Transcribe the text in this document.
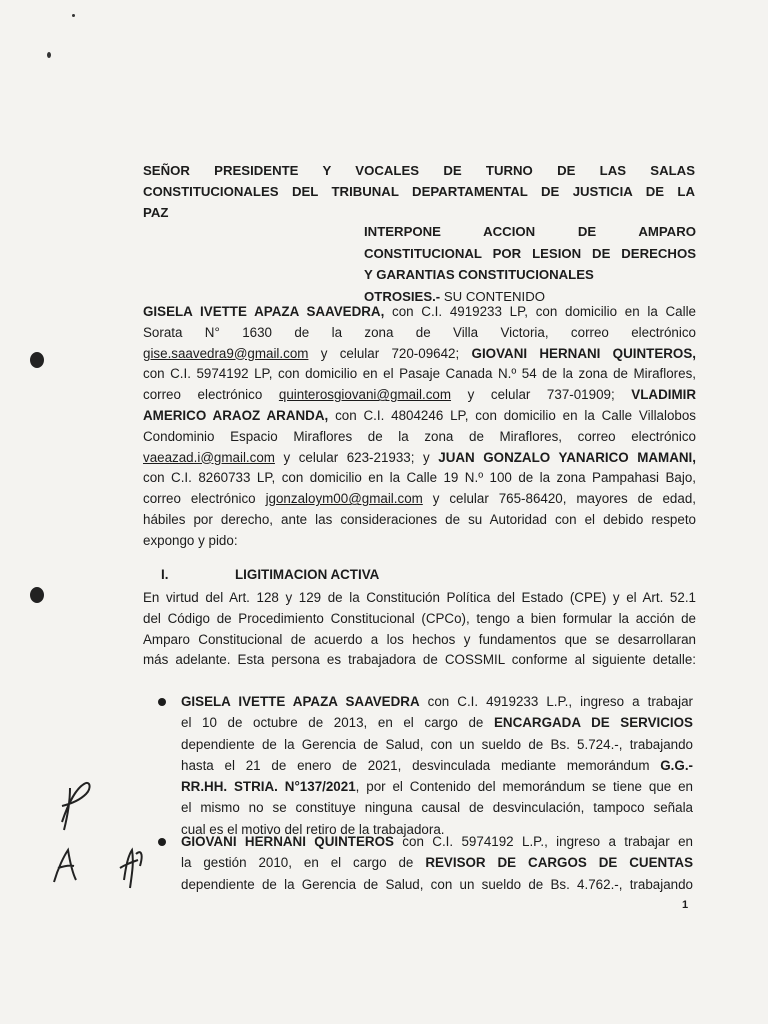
SEÑOR PRESIDENTE Y VOCALES DE TURNO DE LAS SALAS
CONSTITUCIONALES DEL TRIBUNAL DEPARTAMENTAL DE JUSTICIA DE LA
PAZ
INTERPONE ACCION DE AMPARO
CONSTITUCIONAL POR LESION DE DERECHOS
Y GARANTIAS CONSTITUCIONALES
OTROSIES.- SU CONTENIDO
GISELA IVETTE APAZA SAAVEDRA, con C.I. 4919233 LP, con domicilio en la Calle
Sorata N° 1630 de la zona de Villa Victoria, correo electrónico
gise.saavedra9@gmail.com y celular 720-09642; GIOVANI HERNANI QUINTEROS,
con C.I. 5974192 LP, con domicilio en el Pasaje Canada N.º 54 de la zona de Miraflores,
correo electrónico quinterosgiovani@gmail.com y celular 737-01909; VLADIMIR
AMERICO ARAOZ ARANDA, con C.I. 4804246 LP, con domicilio en la Calle Villalobos
Condominio Espacio Miraflores de la zona de Miraflores, correo electrónico
vaeazad.i@gmail.com y celular 623-21933; y JUAN GONZALO YANARICO MAMANI,
con C.I. 8260733 LP, con domicilio en la Calle 19 N.º 100 de la zona Pampahasi Bajo,
correo electrónico jgonzaloym00@gmail.com y celular 765-86420, mayores de edad,
hábiles por derecho, ante las consideraciones de su Autoridad con el debido respeto
expongo y pido:
I.	LIGITIMACION ACTIVA
En virtud del Art. 128 y 129 de la Constitución Política del Estado (CPE) y el Art. 52.1
del Código de Procedimiento Constitucional (CPCo), tengo a bien formular la acción de
Amparo Constitucional de acuerdo a los hechos y fundamentos que se desarrollaran
más adelante. Esta persona es trabajadora de COSSMIL conforme al siguiente detalle:
GISELA IVETTE APAZA SAAVEDRA con C.I. 4919233 L.P., ingreso a trabajar
el 10 de octubre de 2013, en el cargo de ENCARGADA DE SERVICIOS
dependiente de la Gerencia de Salud, con un sueldo de Bs. 5.724.-, trabajando
hasta el 21 de enero de 2021, desvinculada mediante memorándum G.G.-
RR.HH. STRIA. N°137/2021, por el Contenido del memorándum se tiene que en
el mismo no se constituye ninguna causal de desvinculación, tampoco señala
cual es el motivo del retiro de la trabajadora.
GIOVANI HERNANI QUINTEROS con C.I. 5974192 L.P., ingreso a trabajar en
la gestión 2010, en el cargo de REVISOR DE CARGOS DE CUENTAS
dependiente de la Gerencia de Salud, con un sueldo de Bs. 4.762.-, trabajando
1
